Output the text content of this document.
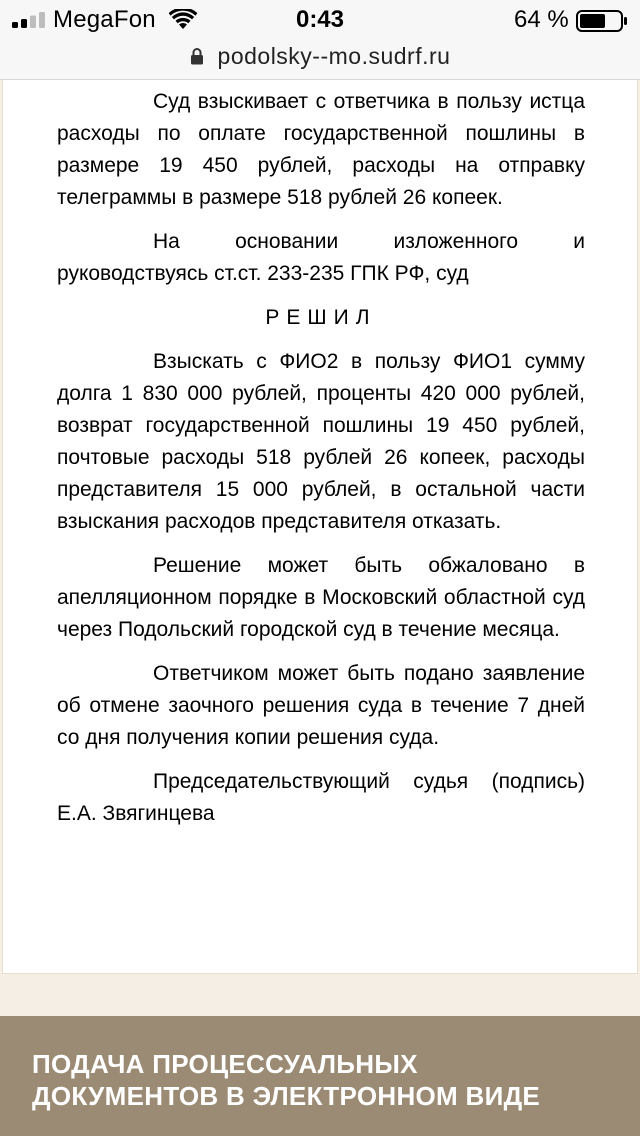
MegaFon	0:43	64 %
podolsky--mo.sudrf.ru

Суд взыскивает с ответчика в пользу истца расходы по оплате государственной пошлины в размере 19 450 рублей, расходы на отправку телеграммы в размере 518 рублей 26 копеек.

На основании изложенного и руководствуясь ст.ст. 233-235 ГПК РФ, суд

РЕШИЛ

Взыскать с ФИО2 в пользу ФИО1 сумму долга 1 830 000 рублей, проценты 420 000 рублей, возврат государственной пошлины 19 450 рублей, почтовые расходы 518 рублей 26 копеек, расходы представителя 15 000 рублей, в остальной части взыскания расходов представителя отказать.

Решение может быть обжаловано в апелляционном порядке в Московский областной суд через Подольский городской суд в течение месяца.

Ответчиком может быть подано заявление об отмене заочного решения суда в течение 7 дней со дня получения копии решения суда.

Председательствующий судья (подпись) Е.А. Звягинцева

ПОДАЧА ПРОЦЕССУАЛЬНЫХ
ДОКУМЕНТОВ В ЭЛЕКТРОННОМ ВИДЕ
